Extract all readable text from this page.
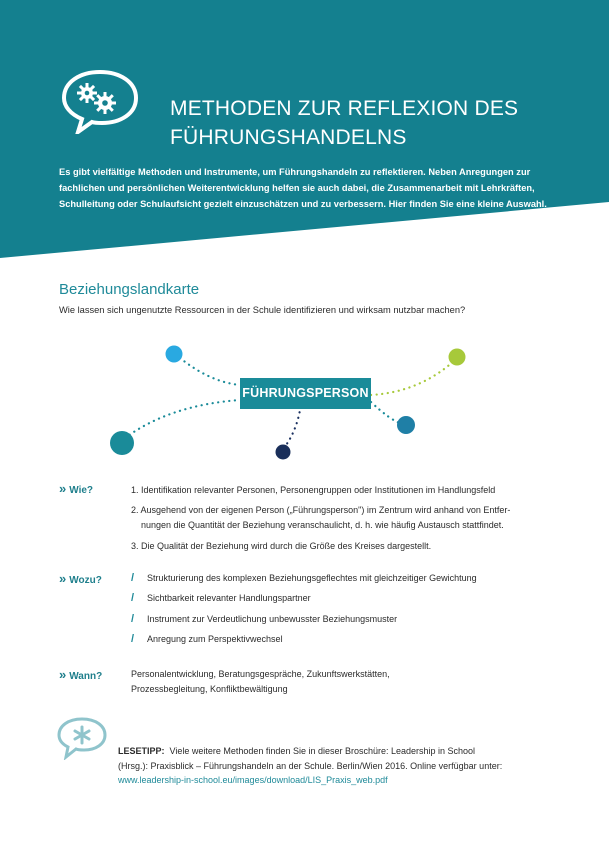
METHODEN ZUR REFLEXION DES
FÜHRUNGSHANDELNS
Es gibt vielfältige Methoden und Instrumente, um Führungshandeln zu reflektieren. Neben Anregungen zur fachlichen und persönlichen Weiterentwicklung helfen sie auch dabei, die Zusammenarbeit mit Lehrkräften, Schulleitung oder Schulaufsicht gezielt einzuschätzen und zu verbessern. Hier finden Sie eine kleine Auswahl.
Beziehungslandkarte
Wie lassen sich ungenutzte Ressourcen in der Schule identifizieren und wirksam nutzbar machen?
FÜHRUNGSPERSON
» Wie?	1. Identifikation relevanter Personen, Personengruppen oder Institutionen im Handlungsfeld
2. Ausgehend von der eigenen Person („Führungsperson") im Zentrum wird anhand von Entfer-
nungen die Quantität der Beziehung veranschaulicht, d. h. wie häufig Austausch stattfindet.
3. Die Qualität der Beziehung wird durch die Größe des Kreises dargestellt.
» Wozu?	/ Strukturierung des komplexen Beziehungsgeflechtes mit gleichzeitiger Gewichtung
/ Sichtbarkeit relevanter Handlungspartner
/ Instrument zur Verdeutlichung unbewusster Beziehungsmuster
/ Anregung zum Perspektivwechsel
» Wann?	Personalentwicklung, Beratungsgespräche, Zukunftswerkstätten,
Prozessbegleitung, Konfliktbewältigung
LESETIPP: Viele weitere Methoden finden Sie in dieser Broschüre: Leadership in School
(Hrsg.): Praxisblick – Führungshandeln an der Schule. Berlin/Wien 2016. Online verfügbar unter:
www.leadership-in-school.eu/images/download/LIS_Praxis_web.pdf
